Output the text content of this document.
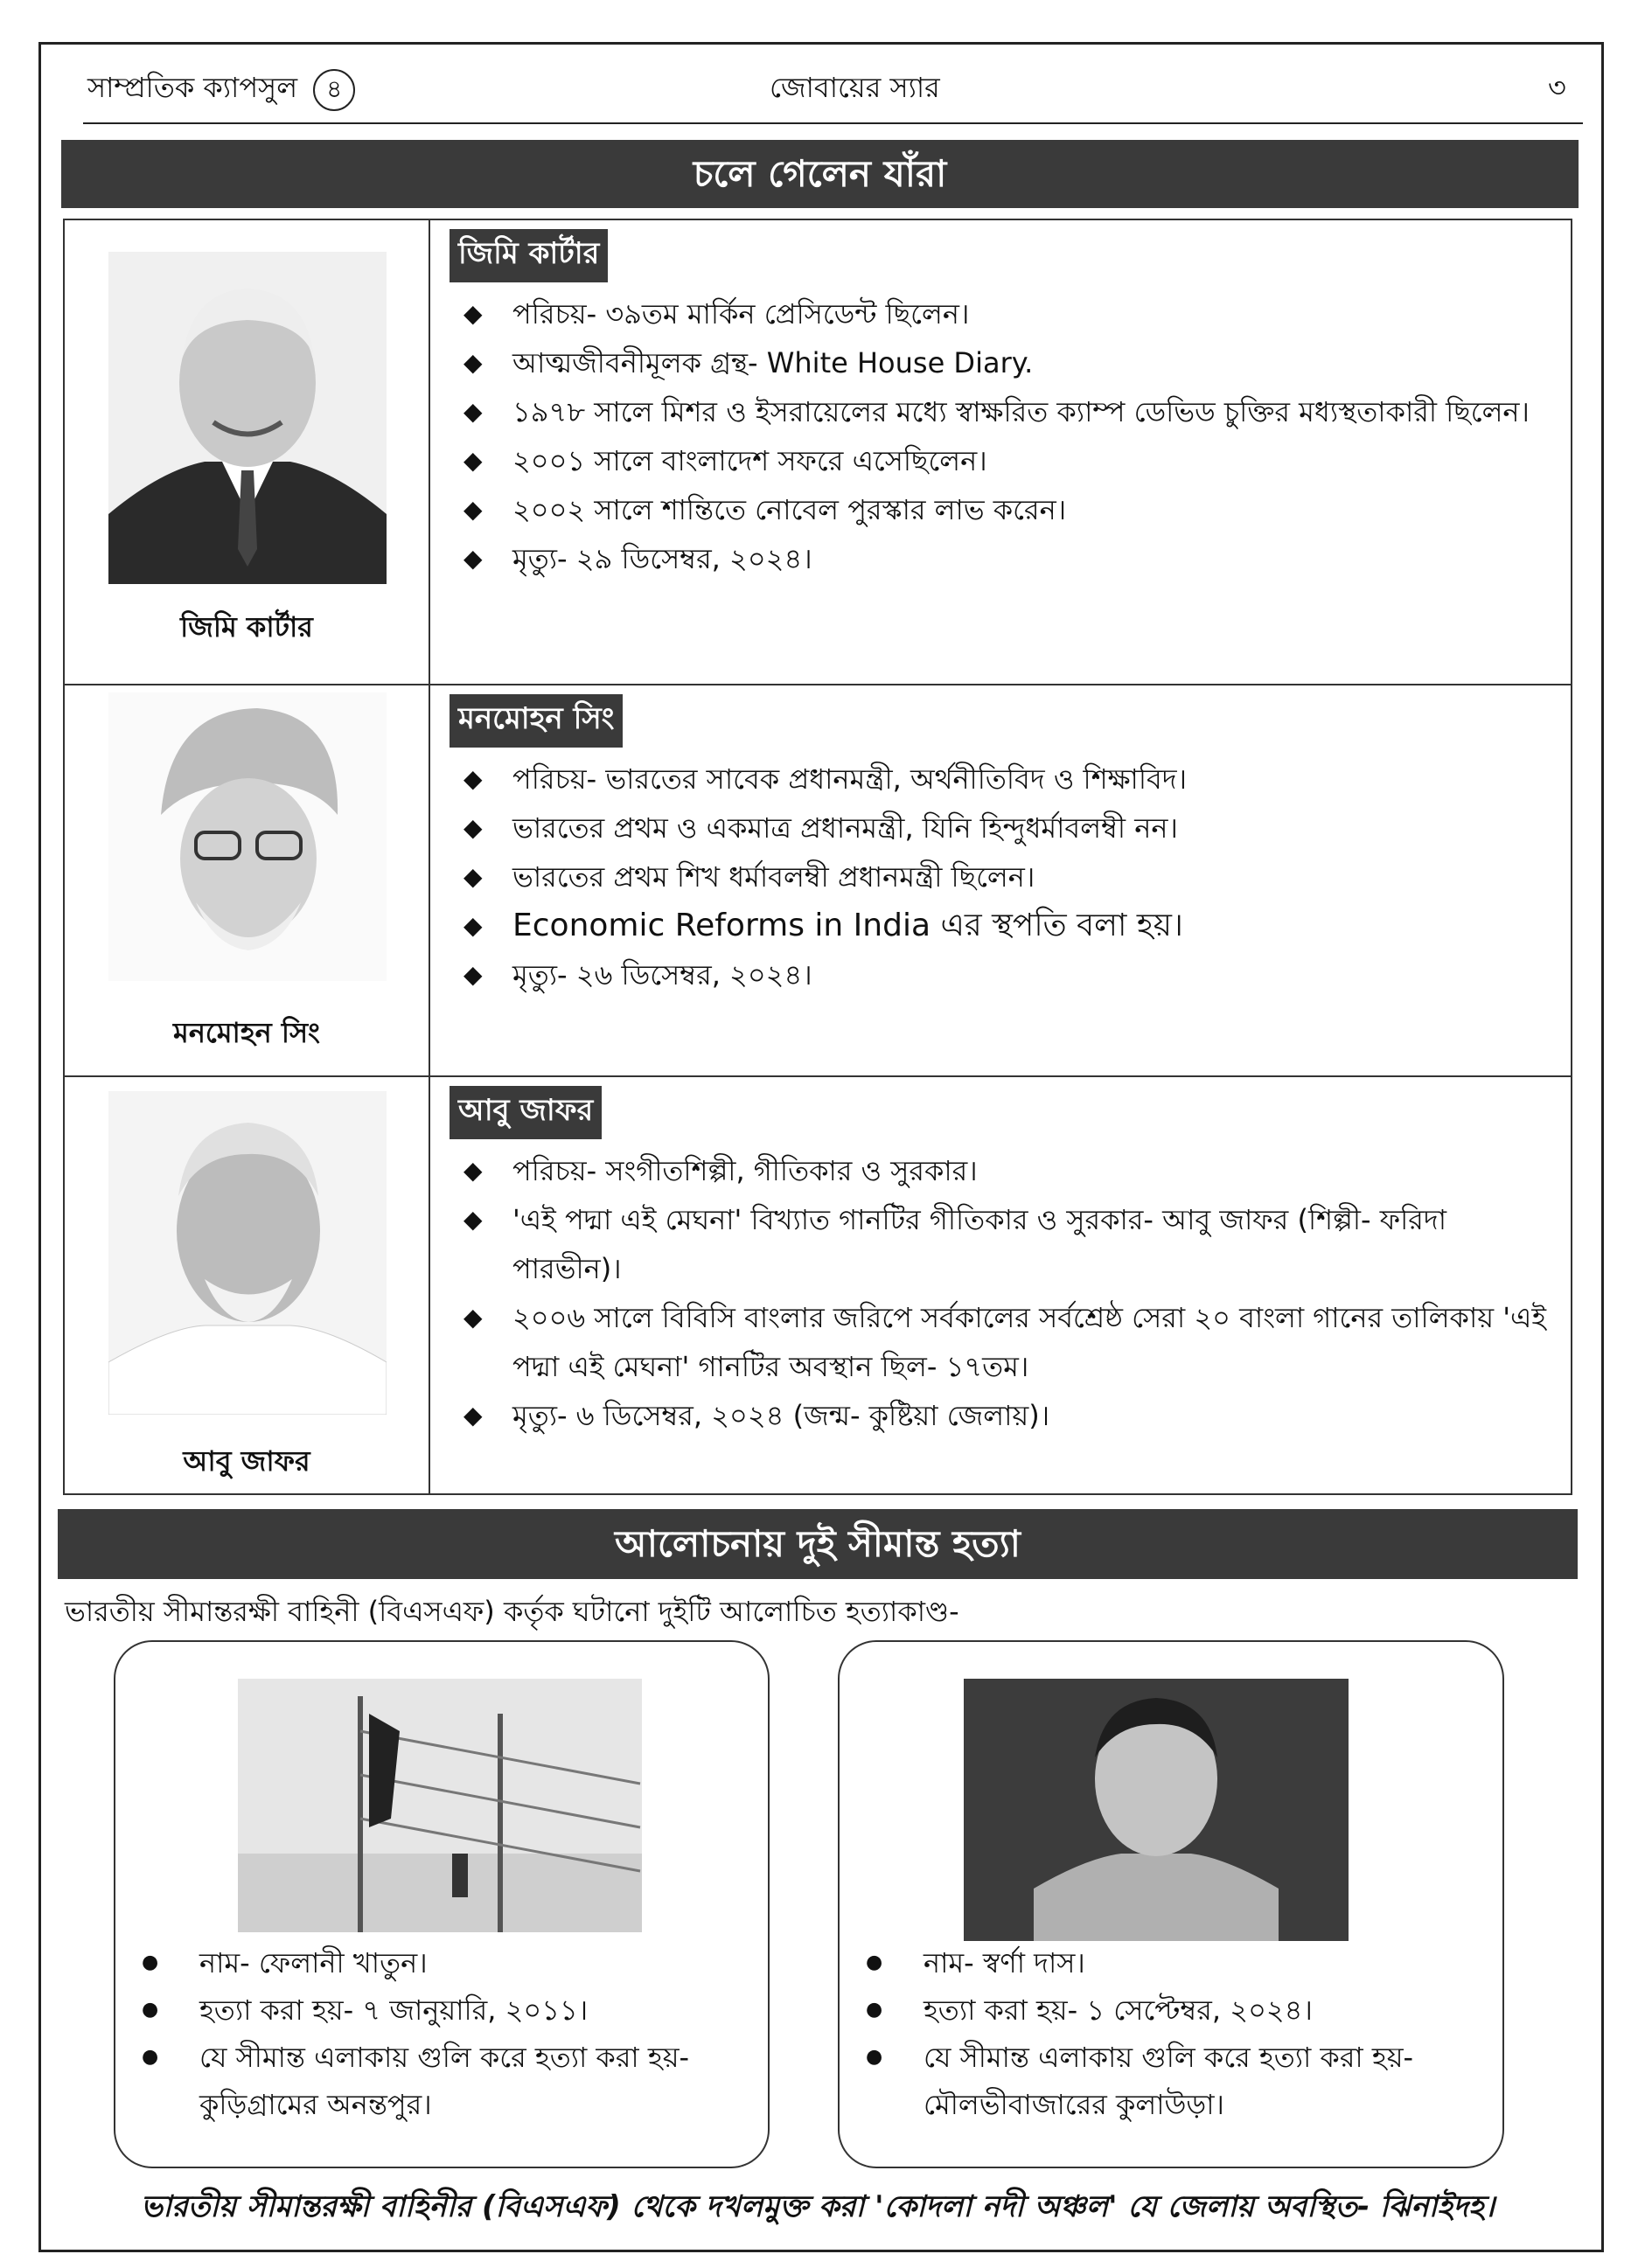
সাম্প্রতিক ক্যাপসুল ৪	জোবায়ের স্যার	৩
চলে গেলেন যাঁরা
জিমি কার্টার
জিমি কার্টার
◆ পরিচয়- ৩৯তম মার্কিন প্রেসিডেন্ট ছিলেন।
◆ আত্মজীবনীমূলক গ্রন্থ- White House Diary.
◆ ১৯৭৮ সালে মিশর ও ইসরায়েলের মধ্যে স্বাক্ষরিত ক্যাম্প ডেভিড চুক্তির মধ্যস্থতাকারী ছিলেন।
◆ ২০০১ সালে বাংলাদেশ সফরে এসেছিলেন।
◆ ২০০২ সালে শান্তিতে নোবেল পুরস্কার লাভ করেন।
◆ মৃত্যু- ২৯ ডিসেম্বর, ২০২৪।
মনমোহন সিং
মনমোহন সিং
◆ পরিচয়- ভারতের সাবেক প্রধানমন্ত্রী, অর্থনীতিবিদ ও শিক্ষাবিদ।
◆ ভারতের প্রথম ও একমাত্র প্রধানমন্ত্রী, যিনি হিন্দুধর্মাবলম্বী নন।
◆ ভারতের প্রথম শিখ ধর্মাবলম্বী প্রধানমন্ত্রী ছিলেন।
◆ Economic Reforms in India এর স্থপতি বলা হয়।
◆ মৃত্যু- ২৬ ডিসেম্বর, ২০২৪।
আবু জাফর
আবু জাফর
◆ পরিচয়- সংগীতশিল্পী, গীতিকার ও সুরকার।
◆ 'এই পদ্মা এই মেঘনা' বিখ্যাত গানটির গীতিকার ও সুরকার- আবু জাফর (শিল্পী- ফরিদা পারভীন)।
◆ ২০০৬ সালে বিবিসি বাংলার জরিপে সর্বকালের সর্বশ্রেষ্ঠ সেরা ২০ বাংলা গানের তালিকায় 'এই পদ্মা এই মেঘনা' গানটির অবস্থান ছিল- ১৭তম।
◆ মৃত্যু- ৬ ডিসেম্বর, ২০২৪ (জন্ম- কুষ্টিয়া জেলায়)।
আলোচনায় দুই সীমান্ত হত্যা
ভারতীয় সীমান্তরক্ষী বাহিনী (বিএসএফ) কর্তৃক ঘটানো দুইটি আলোচিত হত্যাকাণ্ড-
● নাম- ফেলানী খাতুন।
● হত্যা করা হয়- ৭ জানুয়ারি, ২০১১।
● যে সীমান্ত এলাকায় গুলি করে হত্যা করা হয়- কুড়িগ্রামের অনন্তপুর।
● নাম- স্বর্ণা দাস।
● হত্যা করা হয়- ১ সেপ্টেম্বর, ২০২৪।
● যে সীমান্ত এলাকায় গুলি করে হত্যা করা হয়- মৌলভীবাজারের কুলাউড়া।
ভারতীয় সীমান্তরক্ষী বাহিনীর (বিএসএফ) থেকে দখলমুক্ত করা 'কোদলা নদী অঞ্চল' যে জেলায় অবস্থিত- ঝিনাইদহ।
